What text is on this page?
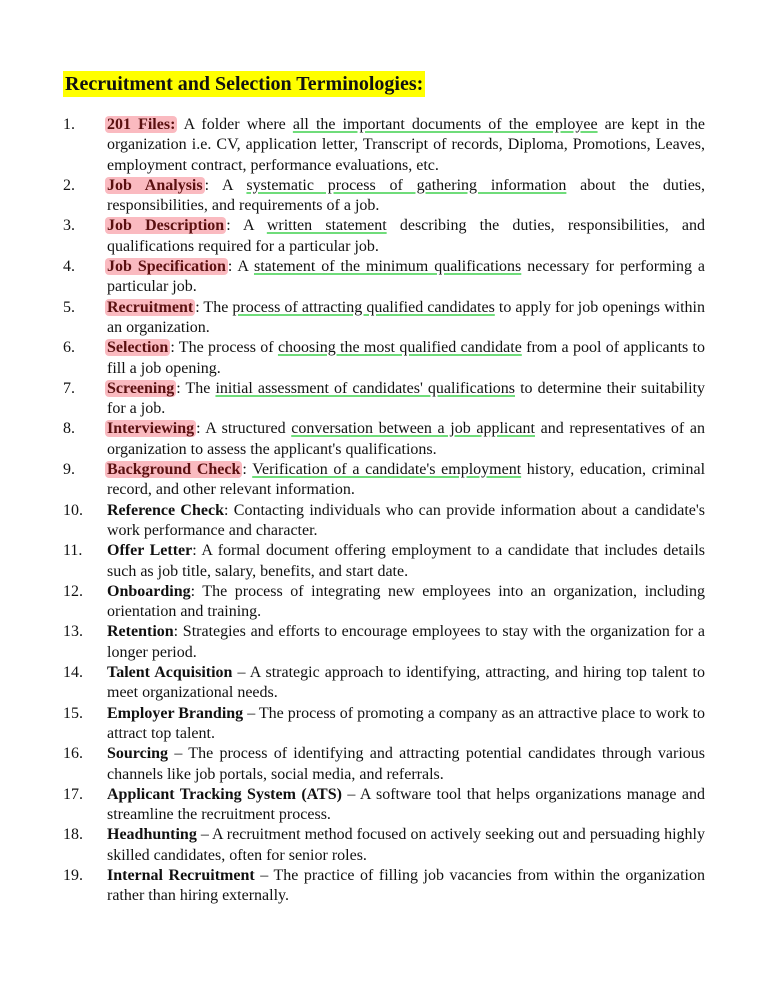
Recruitment and Selection Terminologies:
1.	201 Files: A folder where all the important documents of the employee are kept in the organization i.e. CV, application letter, Transcript of records, Diploma, Promotions, Leaves, employment contract, performance evaluations, etc.
2.	Job Analysis : A systematic process of gathering information about the duties, responsibilities, and requirements of a job.
3.	Job Description : A written statement describing the duties, responsibilities, and qualifications required for a particular job.
4.	Job Specification : A statement of the minimum qualifications necessary for performing a particular job.
5.	Recruitment : The process of attracting qualified candidates to apply for job openings within an organization.
6.	Selection : The process of choosing the most qualified candidate from a pool of applicants to fill a job opening.
7.	Screening : The initial assessment of candidates' qualifications to determine their suitability for a job.
8.	Interviewing : A structured conversation between a job applicant and representatives of an organization to assess the applicant's qualifications.
9.	Background Check : Verification of a candidate's employment history, education, criminal record, and other relevant information.
10.	Reference Check: Contacting individuals who can provide information about a candidate's work performance and character.
11.	Offer Letter: A formal document offering employment to a candidate that includes details such as job title, salary, benefits, and start date.
12.	Onboarding: The process of integrating new employees into an organization, including orientation and training.
13.	Retention: Strategies and efforts to encourage employees to stay with the organization for a longer period.
14.	Talent Acquisition – A strategic approach to identifying, attracting, and hiring top talent to meet organizational needs.
15.	Employer Branding – The process of promoting a company as an attractive place to work to attract top talent.
16.	Sourcing – The process of identifying and attracting potential candidates through various channels like job portals, social media, and referrals.
17.	Applicant Tracking System (ATS) – A software tool that helps organizations manage and streamline the recruitment process.
18.	Headhunting – A recruitment method focused on actively seeking out and persuading highly skilled candidates, often for senior roles.
19.	Internal Recruitment – The practice of filling job vacancies from within the organization rather than hiring externally.
